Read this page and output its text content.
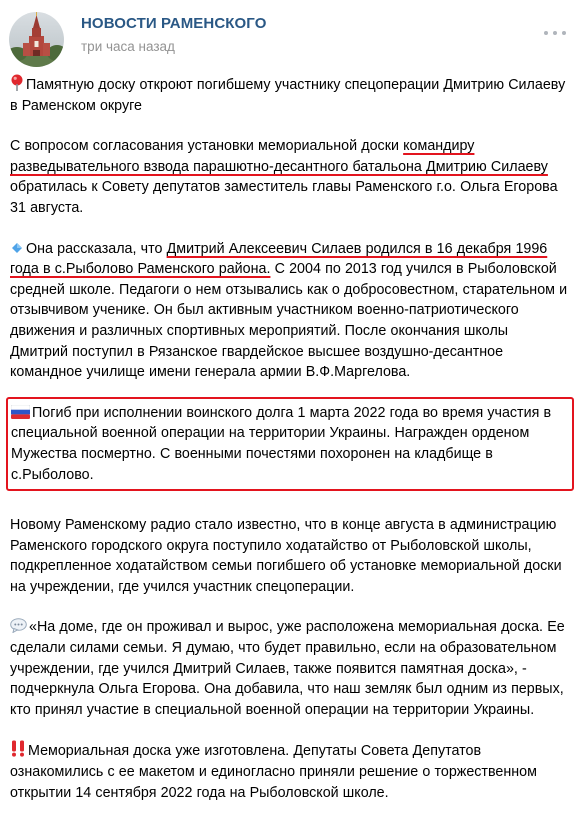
НОВОСТИ РАМЕНСКОГО
три часа назад

Памятную доску откроют погибшему участнику спецоперации Дмитрию Силаеву в Раменском округе

С вопросом согласования установки мемориальной доски командиру разведывательного взвода парашютно-десантного батальона Дмитрию Силаеву обратилась к Совету депутатов заместитель главы Раменского г.о. Ольга Егорова 31 августа.

Она рассказала, что Дмитрий Алексеевич Силаев родился в 16 декабря 1996 года в с.Рыболово Раменского района. С 2004 по 2013 год учился в Рыболовской средней школе. Педагоги о нем отзывались как о добросовестном, старательном и отзывчивом ученике. Он был активным участником военно-патриотического движения и различных спортивных мероприятий. После окончания школы Дмитрий поступил в Рязанское гвардейское высшее воздушно-десантное командное училище имени генерала армии В.Ф.Маргелова.

Погиб при исполнении воинского долга 1 марта 2022 года во время участия в специальной военной операции на территории Украины. Награжден орденом Мужества посмертно. С военными почестями похоронен на кладбище в с.Рыболово.

Новому Раменскому радио стало известно, что в конце августа в администрацию Раменского городского округа поступило ходатайство от Рыболовской школы, подкрепленное ходатайством семьи погибшего об установке мемориальной доски на учреждении, где учился участник спецоперации.

«На доме, где он проживал и вырос, уже расположена мемориальная доска. Ее сделали силами семьи. Я думаю, что будет правильно, если на образовательном учреждении, где учился Дмитрий Силаев, также появится памятная доска», - подчеркнула Ольга Егорова. Она добавила, что наш земляк был одним из первых, кто принял участие в специальной военной операции на территории Украины.

Мемориальная доска уже изготовлена. Депутаты Совета Депутатов ознакомились с ее макетом и единогласно приняли решение о торжественном открытии 14 сентября 2022 года на Рыболовской школе.
